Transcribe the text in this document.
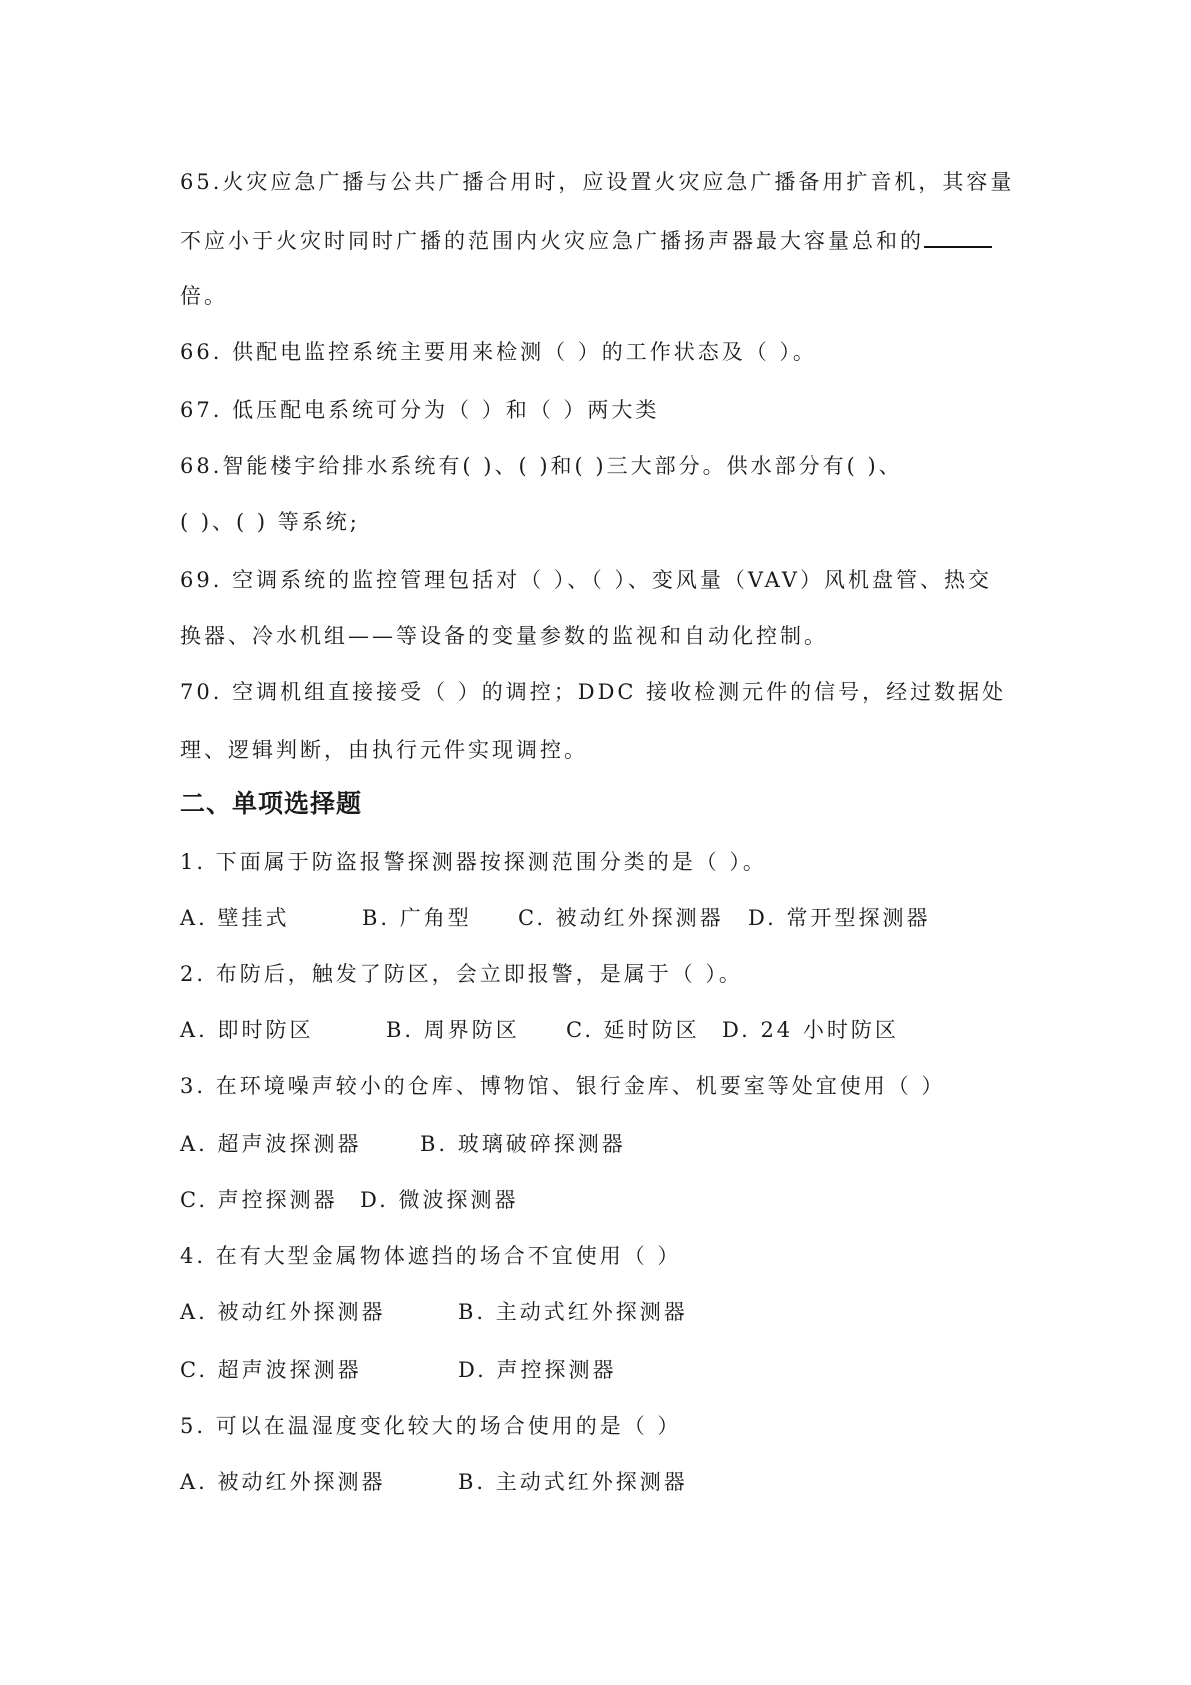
65.火灾应急广播与公共广播合用时，应设置火灾应急广播备用扩音机，其容量
不应小于火灾时同时广播的范围内火灾应急广播扬声器最大容量总和的
倍。
66. 供配电监控系统主要用来检测（ ）的工作状态及（ ）。
67. 低压配电系统可分为（ ）和（ ）两大类
68.智能楼宇给排水系统有( )、( )和( )三大部分。供水部分有( )、
( )、( ) 等系统;
69. 空调系统的监控管理包括对（ ）、（ ）、变风量（VAV）风机盘管、热交
换器、冷水机组——等设备的变量参数的监视和自动化控制。
70. 空调机组直接接受（ ）的调控；DDC 接收检测元件的信号，经过数据处
理、逻辑判断，由执行元件实现调控。
二、单项选择题
1. 下面属于防盗报警探测器按探测范围分类的是（ ）。
A. 壁挂式	B. 广角型 C. 被动红外探测器 D. 常开型探测器
2. 布防后，触发了防区，会立即报警，是属于（ ）。
A. 即时防区	B. 周界防区 C. 延时防区 D. 24 小时防区
3. 在环境噪声较小的仓库、博物馆、银行金库、机要室等处宜使用（ ）
A. 超声波探测器	B. 玻璃破碎探测器
C. 声控探测器 D. 微波探测器
4. 在有大型金属物体遮挡的场合不宜使用（ ）
A. 被动红外探测器	B. 主动式红外探测器
C. 超声波探测器	D. 声控探测器
5. 可以在温湿度变化较大的场合使用的是（ ）
A. 被动红外探测器	B. 主动式红外探测器
